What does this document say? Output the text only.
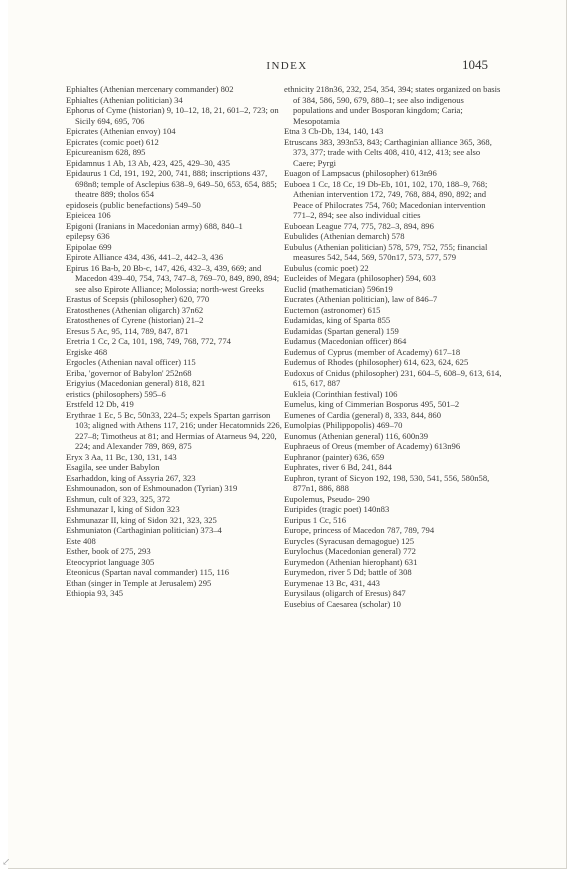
INDEX	1045

Ephialtes (Athenian mercenary commander) 802

Ephialtes (Athenian politician) 34

Ephorus of Cyme (historian) 9, 10–12, 18, 21, 601–2, 723; on Sicily 694, 695, 706

Epicrates (Athenian envoy) 104

Epicrates (comic poet) 612

Epicureanism 628, 895

Epidamnus 1 Ab, 13 Ab, 423, 425, 429–30, 435

Epidaurus 1 Cd, 191, 192, 200, 741, 888; inscriptions 437, 698n8; temple of Asclepius 638–9, 649–50, 653, 654, 885; theatre 889; tholos 654

epidoseis (public benefactions) 549–50

Epieicea 106

Epigoni (Iranians in Macedonian army) 688, 840–1

epilepsy 636

Epipolae 699

Epirote Alliance 434, 436, 441–2, 442–3, 436

Epirus 16 Ba-b, 20 Bb-c, 147, 426, 432–3, 439, 669; and Macedon 439–40, 754, 743, 747–8, 769–70, 849, 890, 894; see also Epirote Alliance; Molossia; north-west Greeks

Erastus of Scepsis (philosopher) 620, 770

Eratosthenes (Athenian oligarch) 37n62

Eratosthenes of Cyrene (historian) 21–2

Eresus 5 Ac, 95, 114, 789, 847, 871

Eretria 1 Cc, 2 Ca, 101, 198, 749, 768, 772, 774

Ergiske 468

Ergocles (Athenian naval officer) 115

Eriba, 'governor of Babylon' 252n68

Erigyius (Macedonian general) 818, 821

eristics (philosophers) 595–6

Erstfeld 12 Db, 419

Erythrae 1 Ec, 5 Bc, 50n33, 224–5; expels Spartan garrison 103; aligned with Athens 117, 216; under Hecatomnids 226, 227–8; Timotheus at 81; and Hermias of Atarneus 94, 220, 224; and Alexander 789, 869, 875

Eryx 3 Aa, 11 Bc, 130, 131, 143

Esagila, see under Babylon

Esarhaddon, king of Assyria 267, 323

Eshmounadon, son of Eshmounadon (Tyrian) 319

Eshmun, cult of 323, 325, 372

Eshmunazar I, king of Sidon 323

Eshmunazar II, king of Sidon 321, 323, 325

Eshmuniaton (Carthaginian politician) 373–4

Este 408

Esther, book of 275, 293

Eteocypriot language 305

Eteonicus (Spartan naval commander) 115, 116

Ethan (singer in Temple at Jerusalem) 295

Ethiopia 93, 345

ethnicity 218n36, 232, 254, 354, 394; states organized on basis of 384, 586, 590, 679, 880–1; see also indigenous populations and under Bosporan kingdom; Caria; Mesopotamia

Etna 3 Cb-Db, 134, 140, 143

Etruscans 383, 393n53, 843; Carthaginian alliance 365, 368, 373, 377; trade with Celts 408, 410, 412, 413; see also Caere; Pyrgi

Euagon of Lampsacus (philosopher) 613n96

Euboea 1 Cc, 18 Cc, 19 Db-Eb, 101, 102, 170, 188–9, 768; Athenian intervention 172, 749, 768, 884, 890, 892; and Peace of Philocrates 754, 760; Macedonian intervention 771–2, 894; see also individual cities

Euboean League 774, 775, 782–3, 894, 896

Eubulides (Athenian demarch) 578

Eubulus (Athenian politician) 578, 579, 752, 755; financial measures 542, 544, 569, 570n17, 573, 577, 579

Eubulus (comic poet) 22

Eucleides of Megara (philosopher) 594, 603

Euclid (mathematician) 596n19

Eucrates (Athenian politician), law of 846–7

Euctemon (astronomer) 615

Eudamidas, king of Sparta 855

Eudamidas (Spartan general) 159

Eudamus (Macedonian officer) 864

Eudemus of Cyprus (member of Academy) 617–18

Eudemus of Rhodes (philosopher) 614, 623, 624, 625

Eudoxus of Cnidus (philosopher) 231, 604–5, 608–9, 613, 614, 615, 617, 887

Eukleia (Corinthian festival) 106

Eumelus, king of Cimmerian Bosporus 495, 501–2

Eumenes of Cardia (general) 8, 333, 844, 860

Eumolpias (Philippopolis) 469–70

Eunomus (Athenian general) 116, 600n39

Euphraeus of Oreus (member of Academy) 613n96

Euphranor (painter) 636, 659

Euphrates, river 6 Bd, 241, 844

Euphron, tyrant of Sicyon 192, 198, 530, 541, 556, 580n58, 877n1, 886, 888

Eupolemus, Pseudo- 290

Euripides (tragic poet) 140n83

Euripus 1 Cc, 516

Europe, princess of Macedon 787, 789, 794

Eurycles (Syracusan demagogue) 125

Eurylochus (Macedonian general) 772

Eurymedon (Athenian hierophant) 631

Eurymedon, river 5 Dd; battle of 308

Eurymenae 13 Bc, 431, 443

Eurysilaus (oligarch of Eresus) 847

Eusebius of Caesarea (scholar) 10

↙
